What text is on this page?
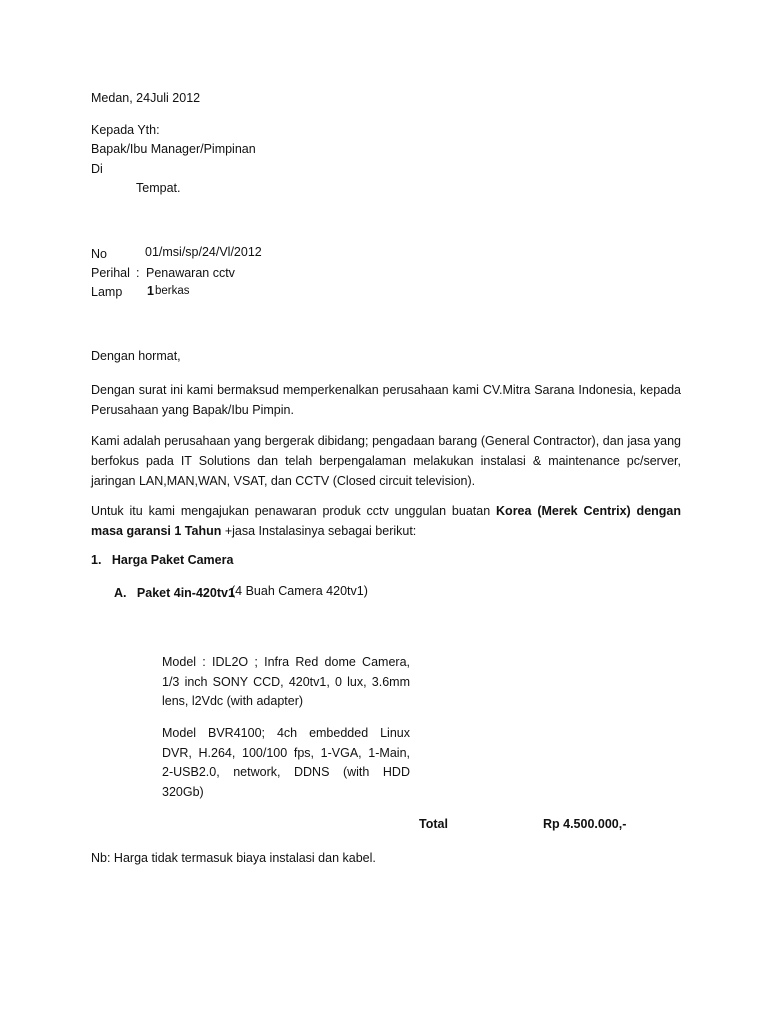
Medan, 24Juli 2012
Kepada Yth:
Bapak/Ibu Manager/Pimpinan
Di
Tempat.
No	01/msi/sp/24/Vl/2012
Perihal : Penawaran cctv
Lamp 1 berkas
Dengan hormat,
Dengan surat ini kami bermaksud memperkenalkan perusahaan kami CV.Mitra Sarana Indonesia, kepada Perusahaan yang Bapak/Ibu Pimpin.
Kami adalah perusahaan yang bergerak dibidang; pengadaan barang (General Contractor), dan jasa yang berfokus pada IT Solutions dan telah berpengalaman melakukan instalasi & maintenance pc/server, jaringan LAN,MAN,WAN, VSAT, dan CCTV (Closed circuit television).
Untuk itu kami mengajukan penawaran produk cctv unggulan buatan Korea (Merek Centrix) dengan masa garansi 1 Tahun +jasa Instalasinya sebagai berikut:
1.   Harga Paket Camera
A.   Paket 4in-420tv1
(4 Buah Camera 420tv1)
Model : IDL2O ; Infra Red dome Camera,
1/3 inch SONY CCD, 420tv1, 0 lux, 3.6mm
lens, l2Vdc (with adapter)
Model BVR4100; 4ch embedded Linux
DVR, H.264, 100/100 fps, 1-VGA, 1-Main,
2-USB2.0, network, DDNS (with HDD
320Gb)
Total	Rp 4.500.000,-
Nb: Harga tidak termasuk biaya instalasi dan kabel.
